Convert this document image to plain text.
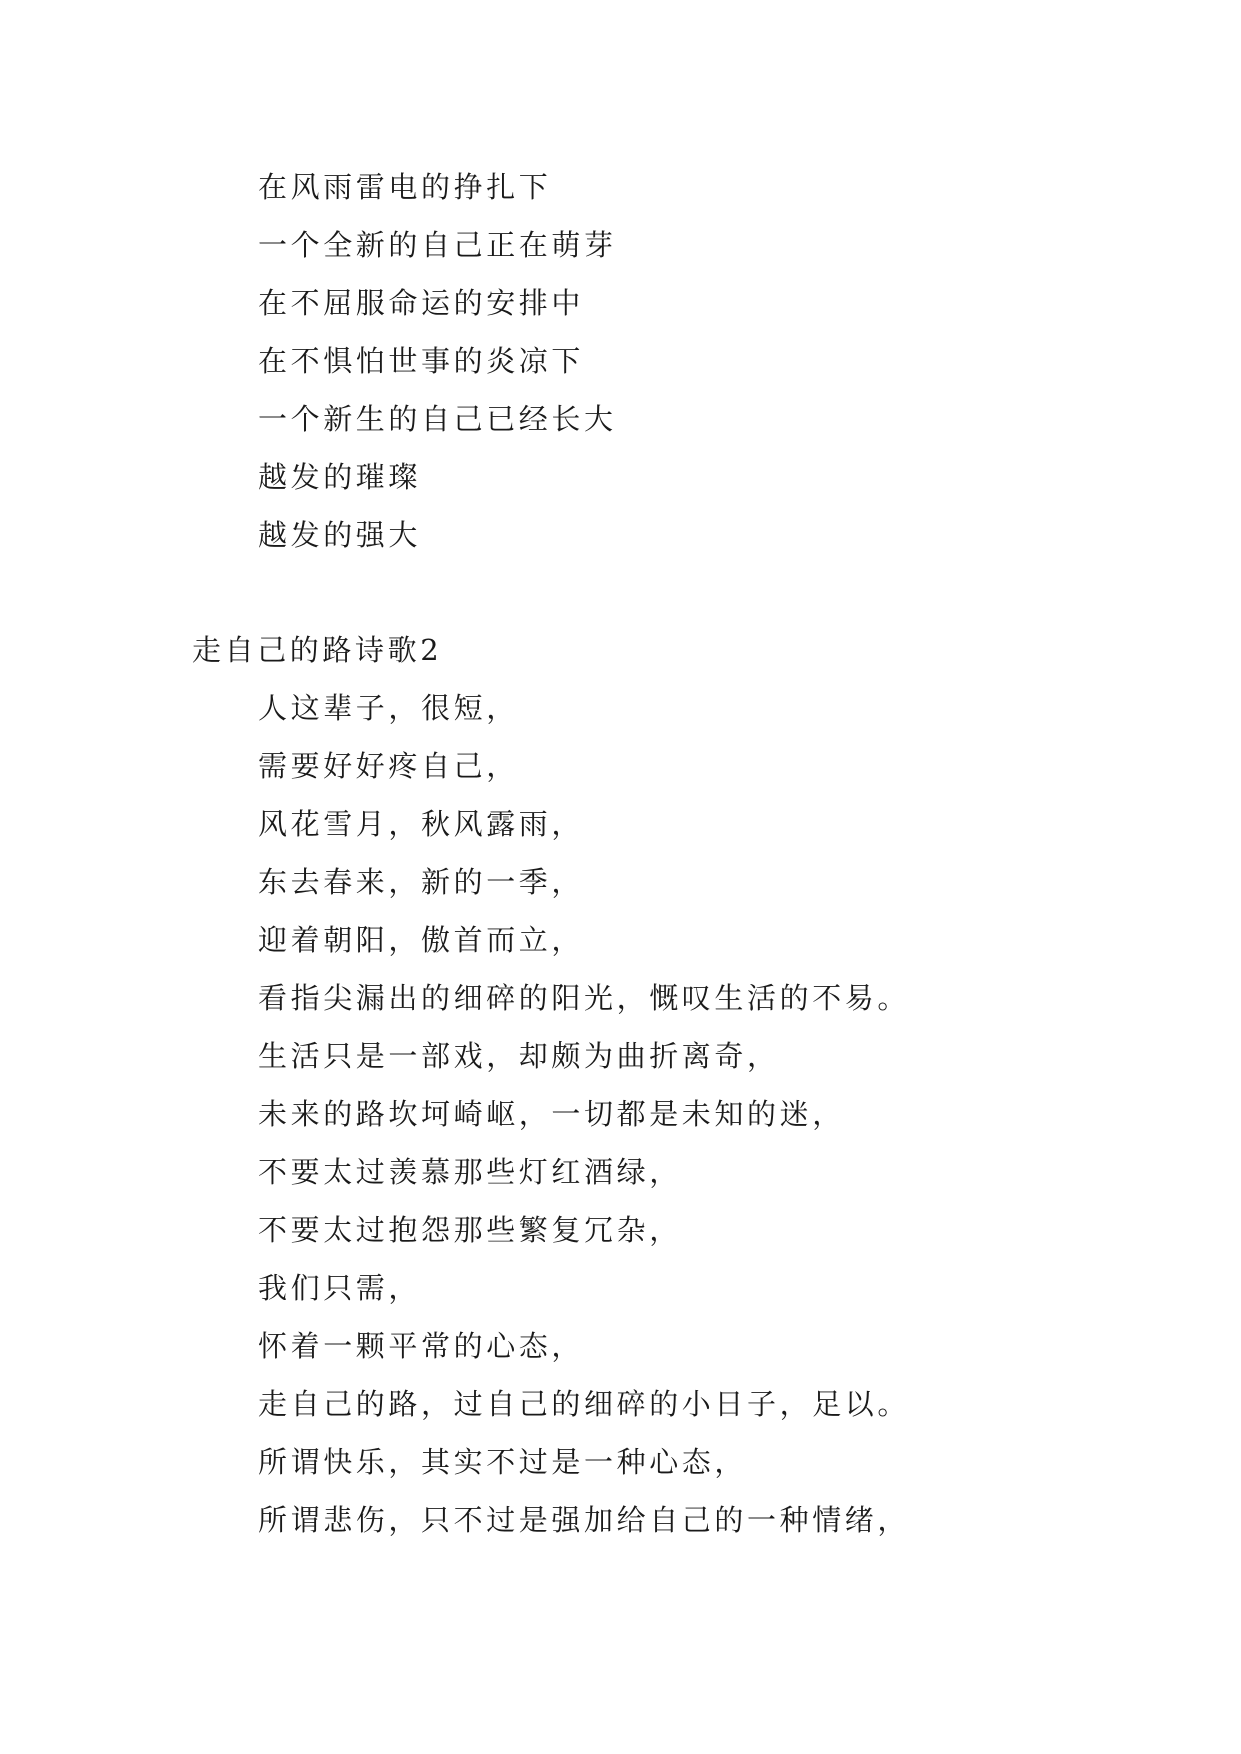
在风雨雷电的挣扎下
一个全新的自己正在萌芽
在不屈服命运的安排中
在不惧怕世事的炎凉下
一个新生的自己已经长大
越发的璀璨
越发的强大
走自己的路诗歌2
人这辈子，很短，
需要好好疼自己，
风花雪月，秋风露雨，
东去春来，新的一季，
迎着朝阳，傲首而立，
看指尖漏出的细碎的阳光，慨叹生活的不易。
生活只是一部戏，却颇为曲折离奇，
未来的路坎坷崎岖，一切都是未知的迷，
不要太过羡慕那些灯红酒绿，
不要太过抱怨那些繁复冗杂，
我们只需，
怀着一颗平常的心态，
走自己的路，过自己的细碎的小日子，足以。
所谓快乐，其实不过是一种心态，
所谓悲伤，只不过是强加给自己的一种情绪，
